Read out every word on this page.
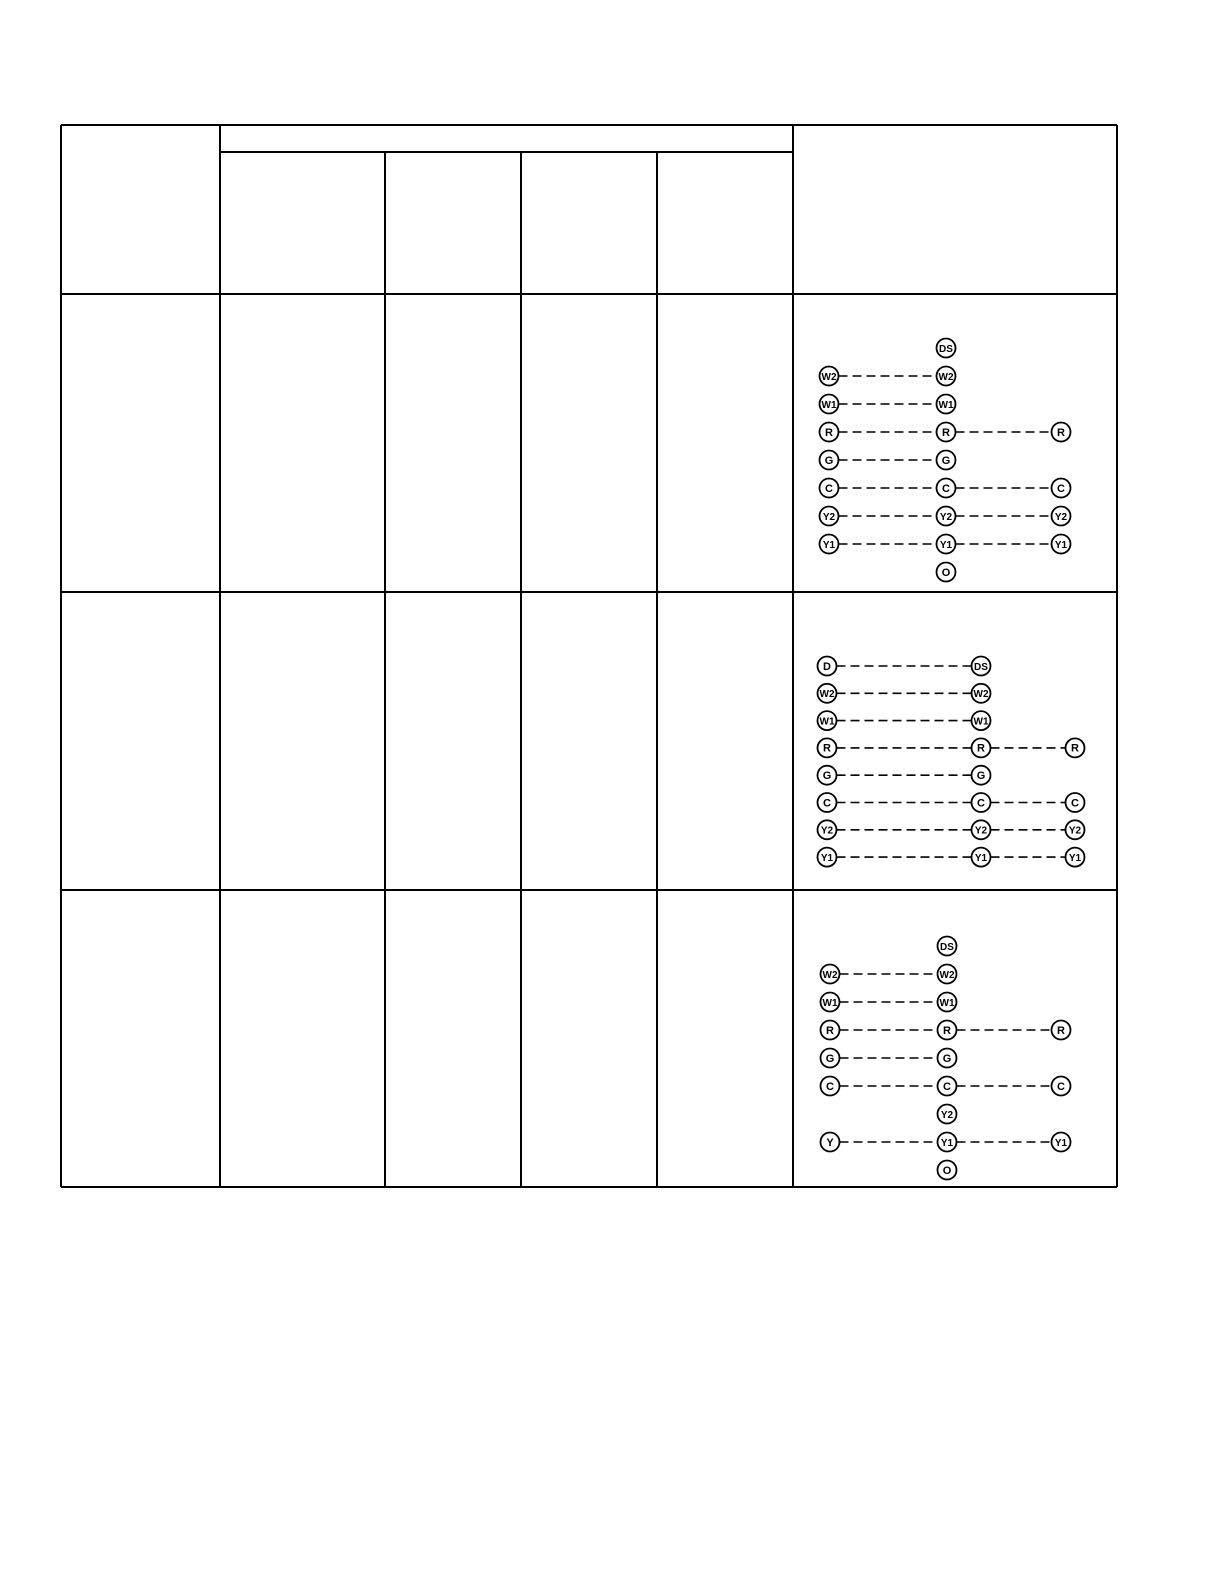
DS
W2	W2
W1	W1
R	R	R
G	G
C	C	C
Y2	Y2	Y2
Y1	Y1	Y1
O
D	DS
W2	W2
W1	W1
R	R	R
G	G
C	C	C
Y2	Y2	Y2
Y1	Y1	Y1
DS
W2	W2
W1	W1
R	R	R
G	G
C	C	C
Y2
Y	Y1	Y1
O
